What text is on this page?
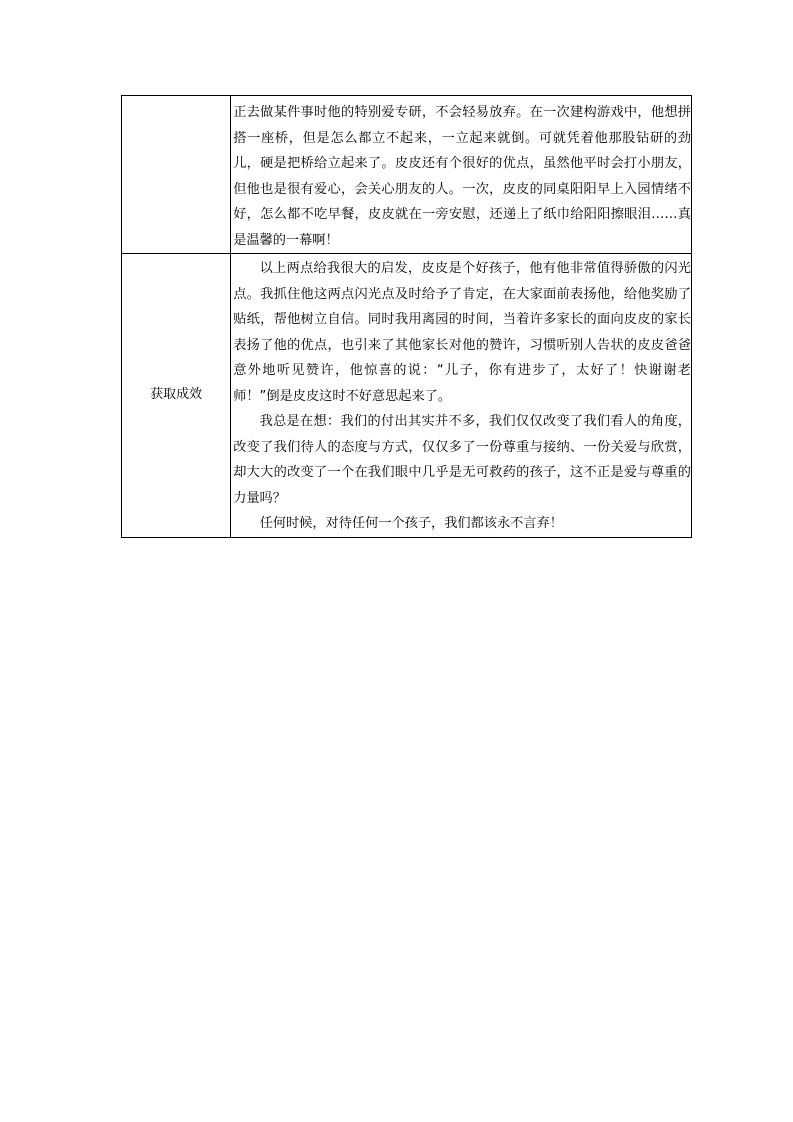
	正去做某件事时他的特别爱专研，不会轻易放弃。在一次建构游戏中，他想拼搭一座桥，但是怎么都立不起来，一立起来就倒。可就凭着他那股钻研的劲儿，硬是把桥给立起来了。皮皮还有个很好的优点，虽然他平时会打小朋友，但他也是很有爱心，会关心朋友的人。一次，皮皮的同桌阳阳早上入园情绪不好，怎么都不吃早餐，皮皮就在一旁安慰，还递上了纸巾给阳阳擦眼泪……真是温馨的一幕啊！

获取成效	以上两点给我很大的启发，皮皮是个好孩子，他有他非常值得骄傲的闪光点。我抓住他这两点闪光点及时给予了肯定，在大家面前表扬他，给他奖励了贴纸，帮他树立自信。同时我用离园的时间，当着许多家长的面向皮皮的家长表扬了他的优点，也引来了其他家长对他的赞许，习惯听别人告状的皮皮爸爸意外地听见赞许，他惊喜的说：“儿子，你有进步了，太好了！快谢谢老师！”倒是皮皮这时不好意思起来了。

我总是在想：我们的付出其实并不多，我们仅仅改变了我们看人的角度，改变了我们待人的态度与方式，仅仅多了一份尊重与接纳、一份关爱与欣赏，却大大的改变了一个在我们眼中几乎是无可救药的孩子，这不正是爱与尊重的力量吗？

任何时候，对待任何一个孩子，我们都该永不言弃！
